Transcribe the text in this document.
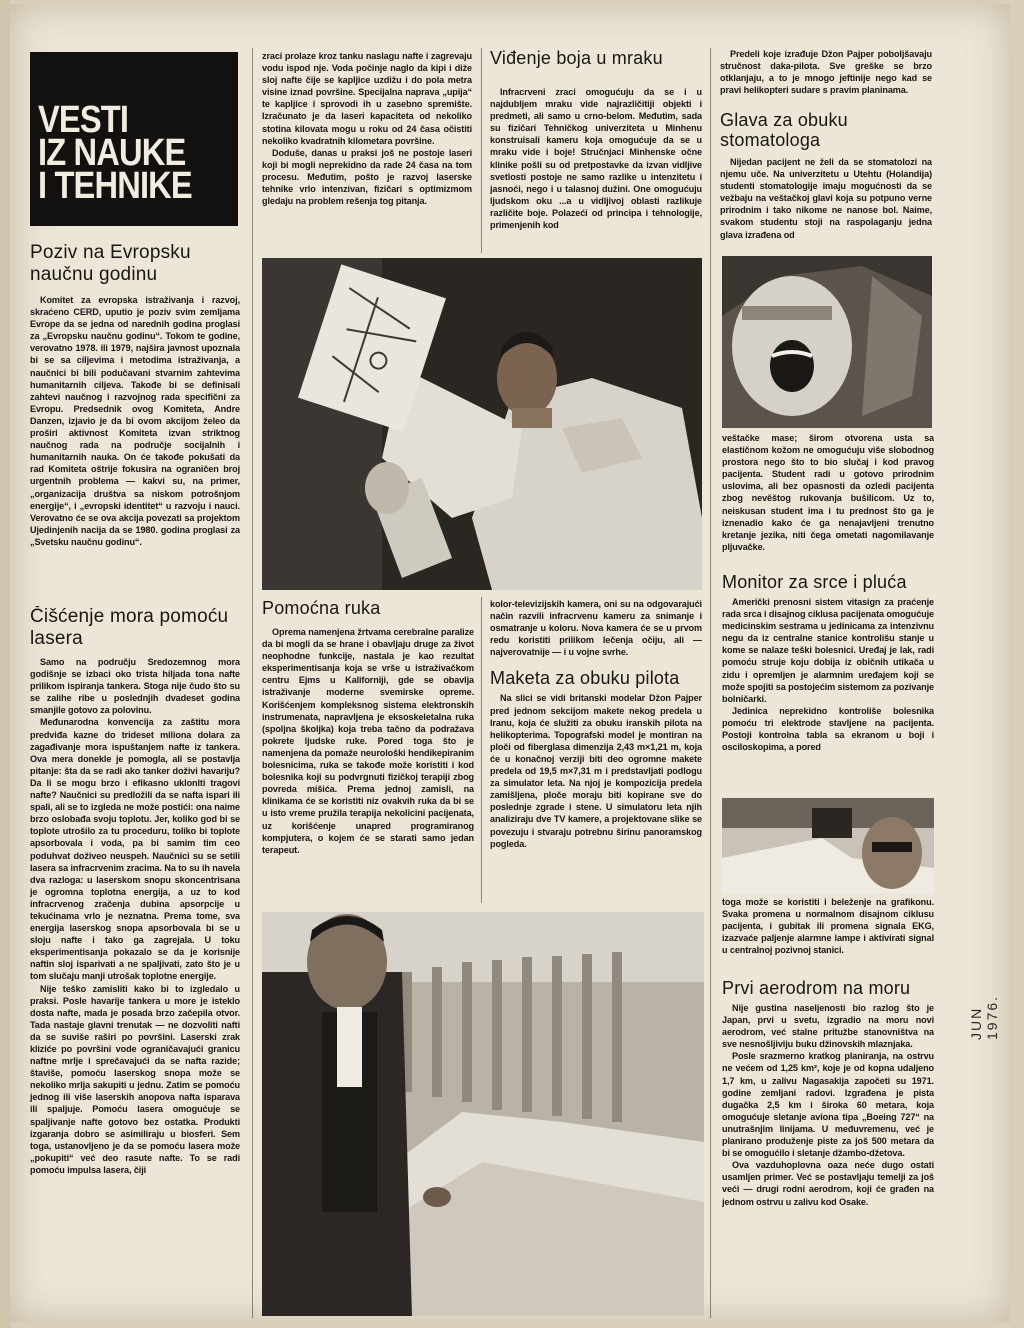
VESTI
IZ NAUKE
I TEHNIKE
Poziv na Evropsku naučnu godinu

Komitet za evropska istraživanja i razvoj, skraćeno CERD, uputio je poziv svim zemljama Evrope da se jedna od narednih godina proglasi za „Evropsku naučnu godinu“. Tokom te godine, verovatno 1978. ili 1979, najšira javnost upoznala bi se sa ciljevima i metodima istraživanja, a naučnici bi bili podučavani stvarnim zahtevima humanitarnih ciljeva. Takođe bi se definisali zahtevi naučnog i razvojnog rada specifični za Evropu. Predsednik ovog Komiteta, Andre Danzen, izjavio je da bi ovom akcijom želeo da proširi aktivnost Komiteta izvan striktnog naučnog rada na područje socijalnih i humanitarnih nauka. On će takođe pokušati da rad Komiteta oštrije fokusira na ograničen broj urgentnih problema — kakvi su, na primer, „organizacija društva sa niskom potrošnjom energije“, i „evropski identitet“ u razvoju i nauci. Verovatno će se ova akcija povezati sa projektom Ujedinjenih nacija da se 1980. godina proglasi za „Svetsku naučnu godinu“.

Čišćenje mora pomoću lasera

Samo na području Sredozemnog mora godišnje se izbaci oko trista hiljada tona nafte prilikom ispiranja tankera. Stoga nije čudo što su se zalihe ribe u poslednjih dvadeset godina smanjile gotovo za polovinu.

Međunarodna konvencija za zaštitu mora predviđa kazne do trideset miliona dolara za zagađivanje mora ispuštanjem nafte iz tankera. Ova mera donekle je pomogla, ali se postavlja pitanje: šta da se radi ako tanker doživi havariju? Da li se mogu brzo i efikasno uklonlti tragovi nafte? Naučnici su predložili da se nafta ispari ili spali, ali se to izgleda ne može postići: ona naime brzo oslobađa svoju toplotu. Jer, koliko god bi se toplote utrošilo za tu proceduru, toliko bi toplote apsorbovala i voda, pa bi samim tim ceo poduhvat doživeo neuspeh. Naučnici su se setili lasera sa infracrvenim zracima. Na to su ih navela dva razloga: u laserskom snopu skoncentrisana je ogromna toplotna energija, a uz to kod infracrvenog zračenja dubina apsorpcije u tekućinama vrlo je neznatna. Prema tome, sva energija laserskog snopa apsorbovala bi se u sloju nafte i tako ga zagrejala. U toku eksperimentisanja pokazalo se da je korisnije naftin sloj isparivati a ne spaljivati, zato što je u tom slučaju manji utrošak toplotne energije.

Nije teško zamisliti kako bi to izgledalo u praksi. Posle havarije tankera u more je isteklo dosta nafte, mada je posada brzo začepila otvor. Tada nastaje glavni trenutak — ne dozvoliti nafti da se suviše raširi po površini. Laserski zrak kliziće po površini vode ograničavajući granicu naftne mrlje i sprečavajući da se nafta razide; štaviše, pomoću laserskog snopa može se nekoliko mrlja sakupiti u jednu. Zatim se pomoću jednog ili više laserskih anopova nafta isparava ili spaljuje. Pomoću lasera omogućuje se spaljivanje nafte gotovo bez ostatka. Produkti izgaranja dobro se asimiliraju u biosferi. Sem toga, ustanovljeno je da se pomoću lasera može „pokupiti“ već deo rasute nafte. To se radi pomoću impulsa lasera, čiji

zraci prolaze kroz tanku naslagu nafte i zagrevaju vodu ispod nje. Voda počinje naglo da kipi i diže sloj nafte čije se kapljice uzdižu i do pola metra visine iznad površine. Specijalna naprava „upija“ te kapljice i sprovodi ih u zasebno spremište. Izračunato je da laseri kapaciteta od nekoliko stotina kilovata mogu u roku od 24 časa očistiti nekoliko kvadratnih kilometara površine.

Doduše, danas u praksi još ne postoje laseri koji bi mogli neprekidno da rade 24 časa na tom procesu. Međutim, pošto je razvoj laserske tehnike vrlo intenzivan, fizičari s optimizmom gledaju na problem rešenja tog pitanja.

Viđenje boja u mraku

Infracrveni zraci omogućuju da se i u najdubljem mraku vide najrazličitiji objekti i predmeti, ali samo u crno-belom. Međutim, sada su fizičari Tehničkog univerziteta u Minhenu konstruisali kameru koja omogućuje da se u mraku vide i boje! Stručnjaci Minhenske očne klinike pošli su od pretpostavke da izvan vidljive svetlosti postoje ne samo razlike u intenzitetu i jasnoći, nego i u talasnoj dužini. One omogućuju ljudskom oku ...a u vidljivoj oblasti razlikuje različite boje. Polazeći od principa i tehnologije, primenjenih kod

Predeli koje izrađuje Džon Pajper poboljšavaju stručnost daka-pilota. Sve greške se brzo otklanjaju, a to je mnogo jeftinije nego kad se pravi helikopteri sudare s pravim planinama.

Glava za obuku stomatologa

Nijedan pacijent ne želi da se stomatolozi na njemu uče. Na univerzitetu u Utehtu (Holandija) studenti stomatologije imaju mogućnosti da se vežbaju na veštačkoj glavi koja su potpuno verne prirodnim i tako nikome ne nanose bol. Naime, svakom studentu stoji na raspolaganju jedna glava izrađena od

veštačke mase; širom otvorena usta sa elastičnom kožom ne omogućuju više slobodnog prostora nego što to bio slučaj i kod pravog pacijenta. Student radi u gotovo prirodnim uslovima, ali bez opasnosti da ozledi pacijenta zbog nevěštog rukovanja bušilicom. Uz to, neiskusan student ima i tu prednost što ga je iznenadio kako će ga nenajavljeni trenutno kretanje jezika, niti čega ometati nagomilavanje pljuvačke.

Pomoćna ruka

Oprema namenjena žrtvama cerebralne paralize da bi mogli da se hrane i obavljaju druge za život neophodne funkcije, nastala je kao rezultat eksperimentisanja koja se vrše u istraživačkom centru Ejms u Kaliforniji, gde se obavlja istraživanje moderne svemirske opreme. Korišćenjem kompleksnog sistema elektronskih instrumenata, napravljena je eksoskeletalna ruka (spoljna školjka) koja treba tačno da podražava pokrete ljudske ruke. Pored toga što je namenjena da pomaže neurološki hendikepiranim bolesnicima, ruka se takođe može koristiti i kod bolesnika koji su podvrgnuti fizičkoj terapiji zbog povreda mišića. Prema jednoj zamisli, na klinikama će se koristiti niz ovakvih ruka da bi se u isto vreme pružila terapija nekolicini pacijenata, uz korišćenje unapred programiranog kompjutera, o kojem će se starati samo jedan terapeut.

kolor-televizijskih kamera, oni su na odgovarajući način razvili infracrvenu kameru za snimanje i osmatranje u koloru. Nova kamera će se u prvom redu koristiti prilikom lečenja očiju, ali — najverovatnije — i u vojne svrhe.

Maketa za obuku pilota

Na slici se vidi britanski modelar Džon Pajper pred jednom sekcijom makete nekog predela u Iranu, koja će služiti za obuku iranskih pilota na helikopterima. Topografski model je montiran na ploči od fiberglasa dimenzija 2,43 m×1,21 m, koja će u konačnoj verziji biti deo ogromne makete predela od 19,5 m×7,31 m i predstavljati podlogu za simulator leta. Na njoj je kompozicija predela zamišljena, ploče moraju biti kopirane sve do poslednje zgrade i stene. U simulatoru leta njih analiziraju dve TV kamere, a projektovane slike se povezuju i stvaraju potrebnu širinu panoramskog pogleda.

Monitor za srce i pluća

Američki prenosni sistem vitasign za praćenje rada srca i disajnog ciklusa pacijenata omogućuje medicinskim sestrama u jedinicama za intenzivnu negu da iz centralne stanice kontrolišu stanje u kome se nalaze teški bolesnici. Uređaj je lak, radi pomoću struje koju dobija iz običnih utikača u zidu i opremljen je alarmnim uređajem koji se može spojiti sa postojećim sistemom za pozivanje bolničarki.

Jedinica neprekidno kontroliše bolesnika pomoću tri elektrode stavljene na pacijenta. Postoji kontrolna tabla sa ekranom u boji i osciloskopima, a pored

toga može se koristiti i beleženje na grafikonu. Svaka promena u normalnom disajnom ciklusu pacijenta, i gubitak ili promena signala EKG, izazvaće paljenje alarmne lampe i aktivirati signal u centralnoj pozivnoj stanici.

Prvi aerodrom na moru

Nije gustina naseljenosti bio razlog što je Japan, prvi u svetu, izgradio na moru novi aerodrom, već stalne pritužbe stanovništva na sve nesnošljiviju buku džinovskih mlaznjaka.

Posle srazmerno kratkog planiranja, na ostrvu ne većem od 1,25 km², koje je od kopna udaljeno 1,7 km, u zalivu Nagasakija započeti su 1971. godine zemljani radovi. Izgrađena je pista dugačka 2,5 km i široka 60 metara, koja omogućuje sletanje aviona tipa „Boeing 727“ na unutrašnjim linijama. U međuvremenu, već je planirano produženje piste za još 500 metara da bi se omogućilo i sletanje džambo-džetova.

Ova vazduhoplovna oaza neće dugo ostati usamljen primer. Već se postavljaju temelji za još veći — drugi rodni aerodrom, koji će građen na jednom ostrvu u zalivu kod Osake.

JUN 1976.
